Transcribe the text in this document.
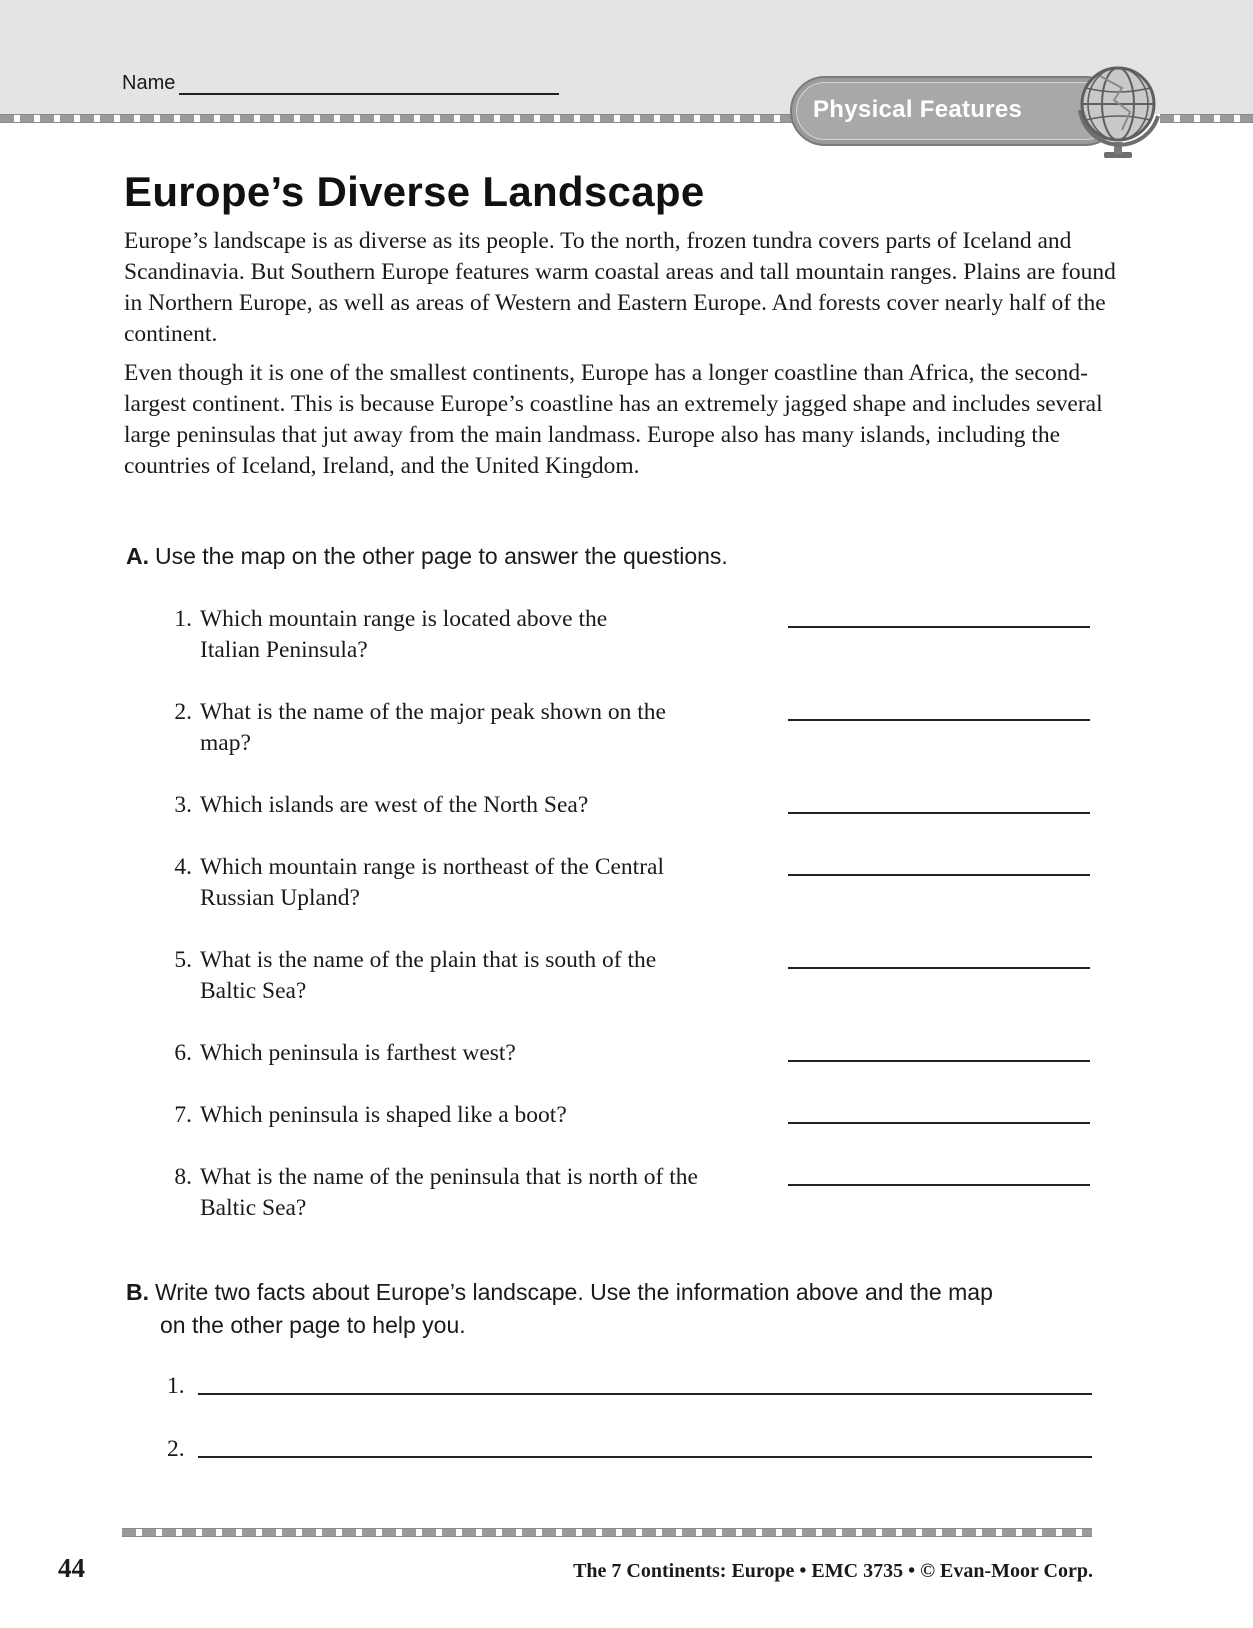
Name
Physical Features
Europe’s Diverse Landscape

Europe’s landscape is as diverse as its people. To the north, frozen tundra covers parts of Iceland and Scandinavia. But Southern Europe features warm coastal areas and tall mountain ranges. Plains are found in Northern Europe, as well as areas of Western and Eastern Europe. And forests cover nearly half of the continent.

Even though it is one of the smallest continents, Europe has a longer coastline than Africa, the second-largest continent. This is because Europe’s coastline has an extremely jagged shape and includes several large peninsulas that jut away from the main landmass. Europe also has many islands, including the countries of Iceland, Ireland, and the United Kingdom.

A. Use the map on the other page to answer the questions.
1. Which mountain range is located above the Italian Peninsula?
2. What is the name of the major peak shown on the map?
3. Which islands are west of the North Sea?
4. Which mountain range is northeast of the Central Russian Upland?
5. What is the name of the plain that is south of the Baltic Sea?
6. Which peninsula is farthest west?
7. Which peninsula is shaped like a boot?
8. What is the name of the peninsula that is north of the Baltic Sea?
B. Write two facts about Europe’s landscape. Use the information above and the map
on the other page to help you.
1.
2.
44	The 7 Continents: Europe • EMC 3735 • © Evan-Moor Corp.
